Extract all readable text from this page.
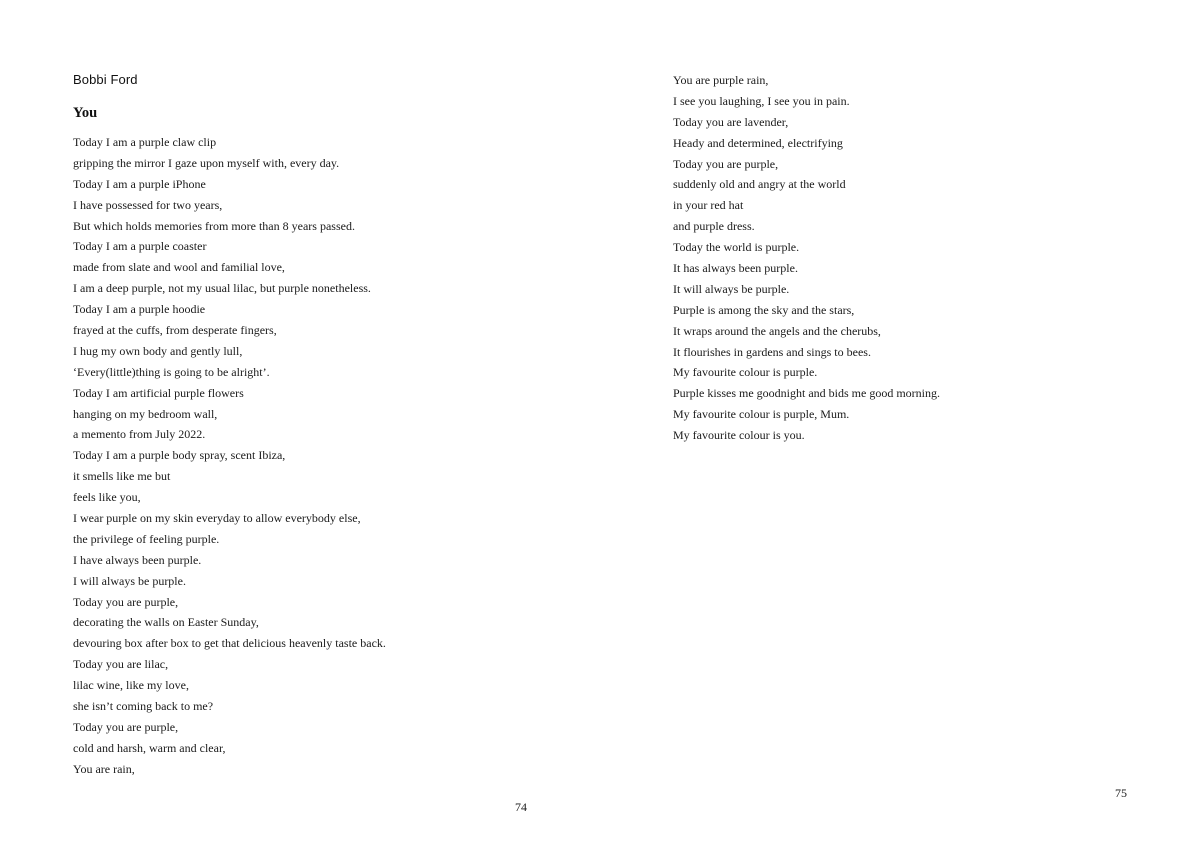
Bobbi Ford
You
Today I am a purple claw clip
gripping the mirror I gaze upon myself with, every day.
Today I am a purple iPhone
I have possessed for two years,
But which holds memories from more than 8 years passed.
Today I am a purple coaster
made from slate and wool and familial love,
I am a deep purple, not my usual lilac, but purple nonetheless.
Today I am a purple hoodie
frayed at the cuffs, from desperate fingers,
I hug my own body and gently lull,
‘Every(little)thing is going to be alright’.
Today I am artificial purple flowers
hanging on my bedroom wall,
a memento from July 2022.
Today I am a purple body spray, scent Ibiza,
it smells like me but
feels like you,
I wear purple on my skin everyday to allow everybody else,
the privilege of feeling purple.
I have always been purple.
I will always be purple.
Today you are purple,
decorating the walls on Easter Sunday,
devouring box after box to get that delicious heavenly taste back.
Today you are lilac,
lilac wine, like my love,
she isn’t coming back to me?
Today you are purple,
cold and harsh, warm and clear,
You are rain,
74
You are purple rain,
I see you laughing, I see you in pain.
Today you are lavender,
Heady and determined, electrifying
Today you are purple,
suddenly old and angry at the world
in your red hat
and purple dress.
Today the world is purple.
It has always been purple.
It will always be purple.
Purple is among the sky and the stars,
It wraps around the angels and the cherubs,
It flourishes in gardens and sings to bees.
My favourite colour is purple.
Purple kisses me goodnight and bids me good morning.
My favourite colour is purple, Mum.
My favourite colour is you.
75
